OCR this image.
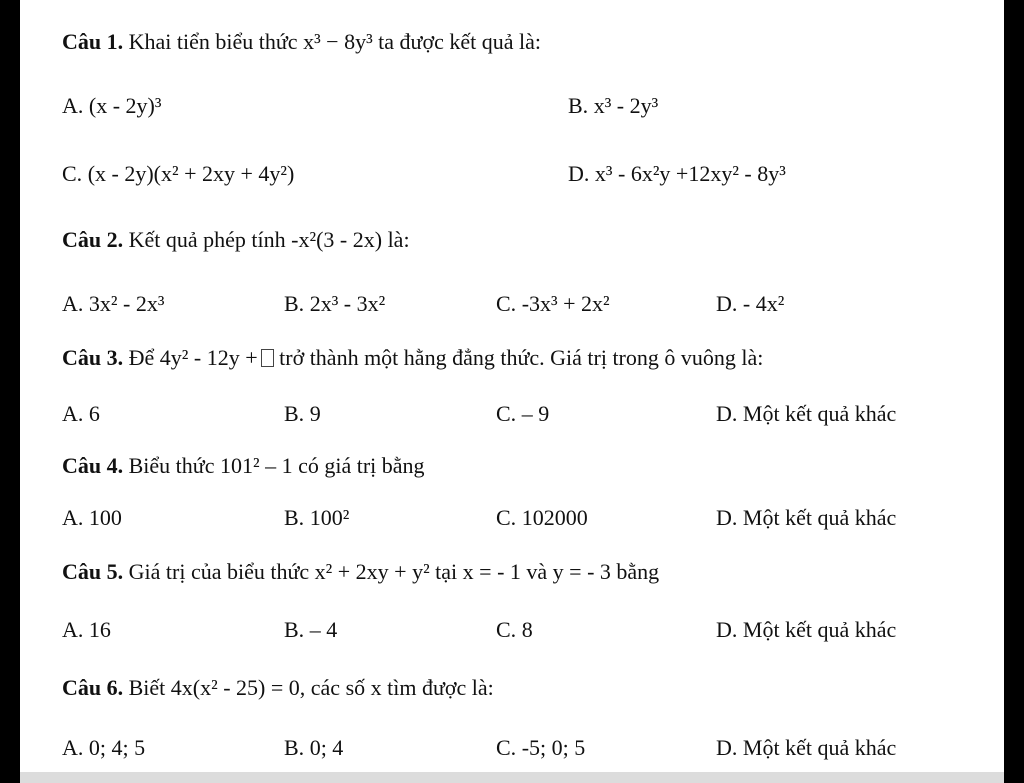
Câu 1. Khai tiển biểu thức x³ − 8y³ ta được kết quả là:
A. (x - 2y)³	B. x³ - 2y³
C. (x - 2y)(x² + 2xy + 4y²)	D. x³ - 6x²y +12xy² - 8y³
Câu 2. Kết quả phép tính -x²(3 - 2x) là:
A. 3x² - 2x³	B. 2x³ - 3x²	C. -3x³ + 2x²	D. - 4x²
Câu 3. Để 4y² - 12y + trở thành một hằng đẳng thức. Giá trị trong ô vuông là:
A. 6	B. 9	C. – 9	D. Một kết quả khác
Câu 4. Biểu thức 101² – 1 có giá trị bằng
A. 100	B. 100²	C. 102000	D. Một kết quả khác
Câu 5. Giá trị của biểu thức x² + 2xy + y² tại x = - 1 và y = - 3 bằng
A. 16	B. – 4	C. 8	D. Một kết quả khác
Câu 6. Biết 4x(x² - 25) = 0, các số x tìm được là:
A. 0; 4; 5	B. 0; 4	C. -5; 0; 5	D. Một kết quả khác
